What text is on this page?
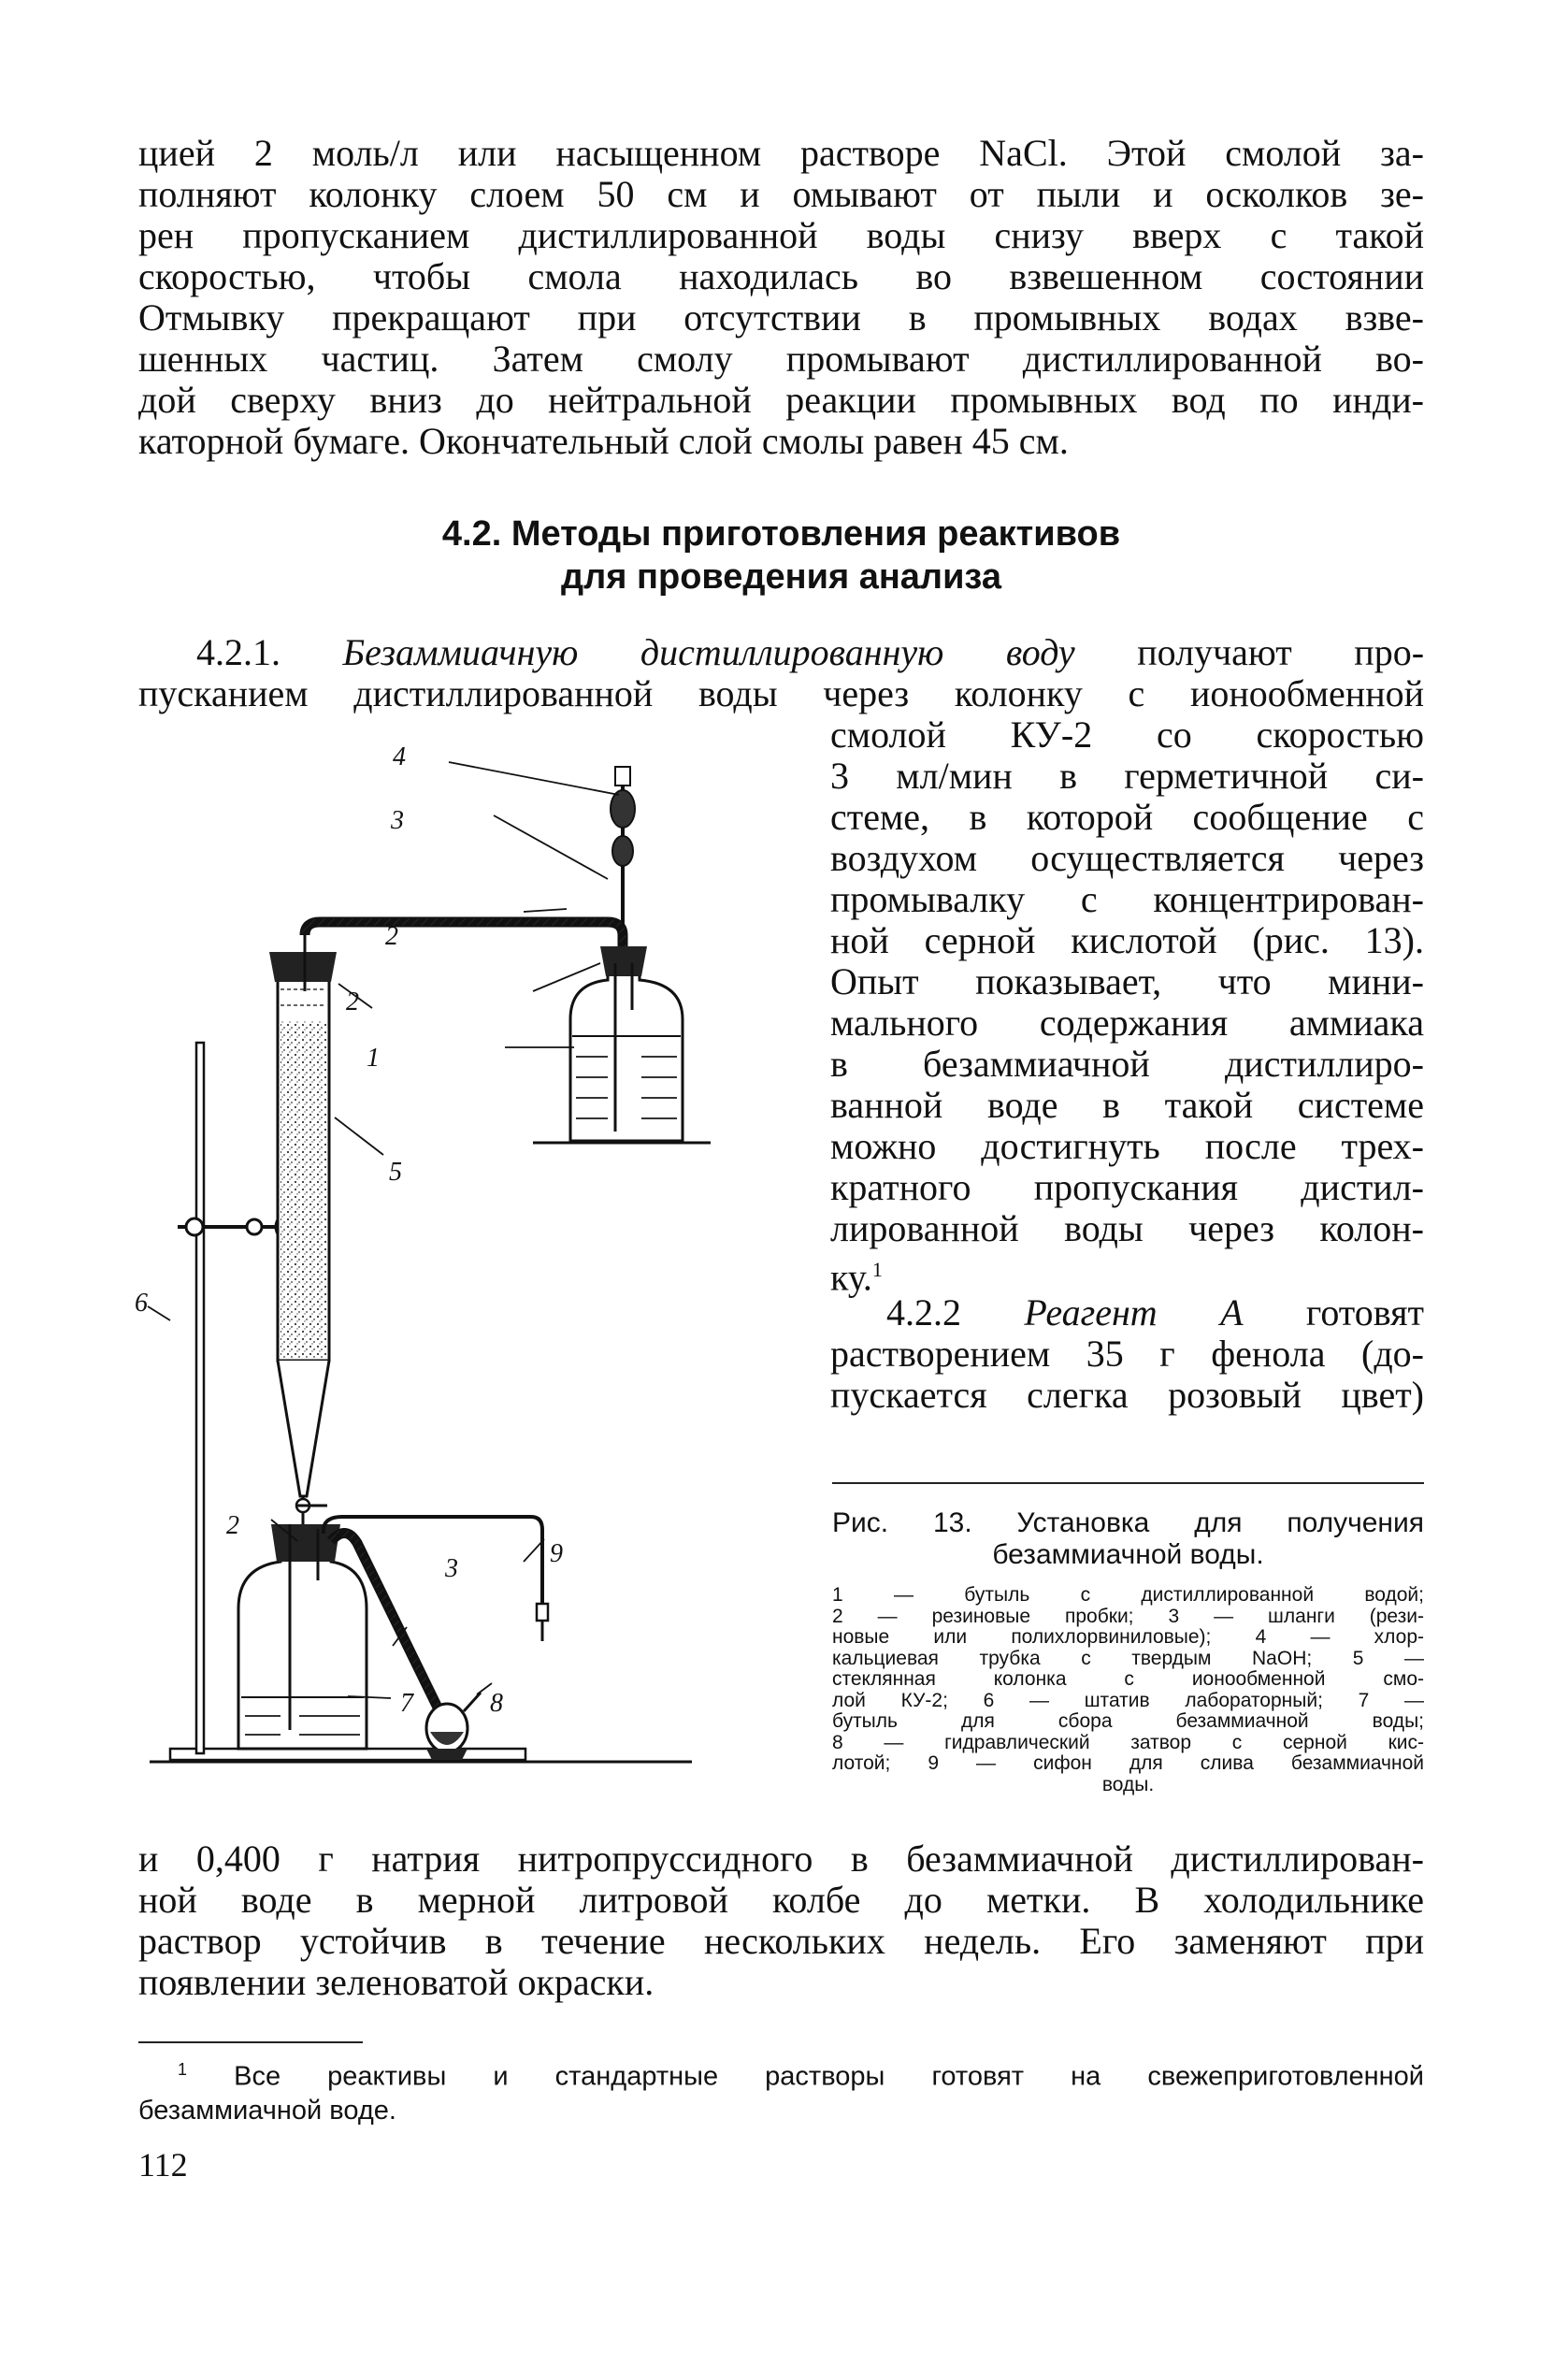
цией 2 моль/л или насыщенном растворе NaCl. Этой смолой за-
полняют колонку слоем 50 см и омывают от пыли и осколков зе-
рен пропусканием дистиллированной воды снизу вверх с такой
скоростью, чтобы смола находилась во взвешенном состоянии
Отмывку прекращают при отсутствии в промывных водах взве-
шенных частиц. Затем смолу промывают дистиллированной во-
дой сверху вниз до нейтральной реакции промывных вод по инди-
каторной бумаге. Окончательный слой смолы равен 45 см.
4.2. Методы приготовления реактивов
для проведения анализа
4.2.1. Безаммиачную дистиллированную воду получают про-
пусканием дистиллированной воды через колонку с ионообменной
смолой КУ-2 со скоростью
3 мл/мин в герметичной си-
стеме, в которой сообщение с
воздухом осуществляется через
промывалку с концентрирован-
ной серной кислотой (рис. 13).
Опыт показывает, что мини-
мального содержания аммиака
в безаммиачной дистиллиро-
ванной воде в такой системе
можно достигнуть после трех-
кратного пропускания дистил-
лированной воды через колон-
ку.$^1$
4.2.2 Реагент А готовят
растворением 35 г фенола (до-
пускается слегка розовый цвет)
Рис. 13. Установка для получения
безаммиачной воды.
1 — бутыль с дистиллированной водой;
2 — резиновые пробки; 3 — шланги (рези-
новые или полихлорвиниловые); 4 — хлор-
кальциевая трубка с твердым NaOH; 5 —
стеклянная колонка с ионообменной смо-
лой КУ-2; 6 — штатив лабораторный; 7 —
бутыль для сбора безаммиачной воды;
8 — гидравлический затвор с серной кис-
лотой; 9 — сифон для слива безаммиачной
воды.
4
3
2
2
1
5
6
2
9
3
7	8
и 0,400 г натрия нитропруссидного в безаммиачной дистиллирован-
ной воде в мерной литровой колбе до метки. В холодильнике
раствор устойчив в течение нескольких недель. Его заменяют при
появлении зеленоватой окраски.
$^1$ Все реактивы и стандартные растворы готовят на свежеприготовленной
безаммиачной воде.
112
